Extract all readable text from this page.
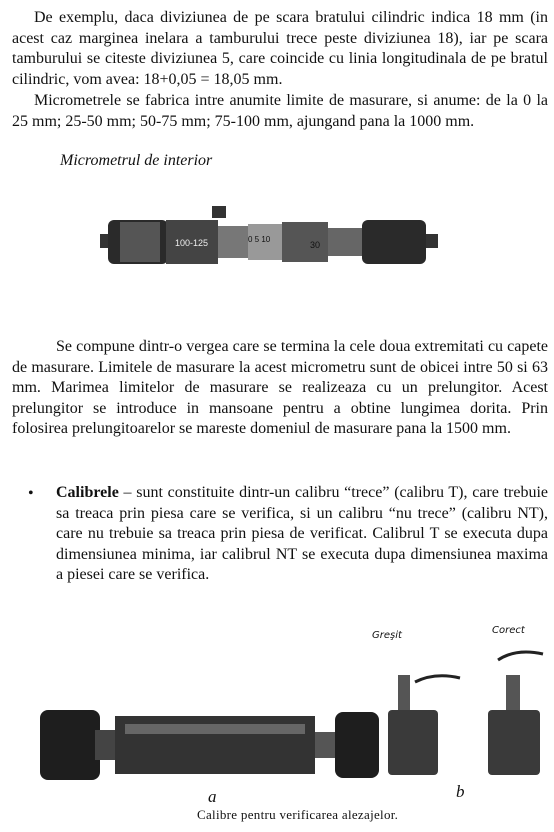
De exemplu, daca diviziunea de pe scara bratului cilindric indica 18 mm (in acest caz marginea inelara a tamburului trece peste diviziunea 18), iar pe scara tamburului se citeste diviziunea 5, care coincide cu linia longitudinala de pe bratul cilindric, vom avea: 18+0,05 = 18,05 mm.
Micrometrele se fabrica intre anumite limite de masurare, si anume: de la 0 la 25 mm; 25-50 mm; 50-75 mm; 75-100 mm, ajungand pana la 1000 mm.
Micrometrul de interior
100-125	0 5 10
30
Se compune dintr-o vergea care se termina la cele doua extremitati cu capete de masurare. Limitele de masurare la acest micrometru sunt de obicei intre 50 si 63 mm. Marimea limitelor de masurare se realizeaza cu un prelungitor. Acest prelungitor se introduce in mansoane pentru a obtine lungimea dorita. Prin folosirea prelungitoarelor se mareste domeniul de masurare pana la 1500 mm.
• Calibrele – sunt constituite dintr-un calibru “trece” (calibru T), care trebuie sa treaca prin piesa care se verifica, si un calibru “nu trece” (calibru NT), care nu trebuie sa treaca prin piesa de verificat. Calibrul T se executa dupa dimensiunea minima, iar calibrul NT se executa dupa dimensiunea maxima a piesei care se verifica.
Greşit	Corect
a	b
Calibre pentru verificarea alezajelor.
